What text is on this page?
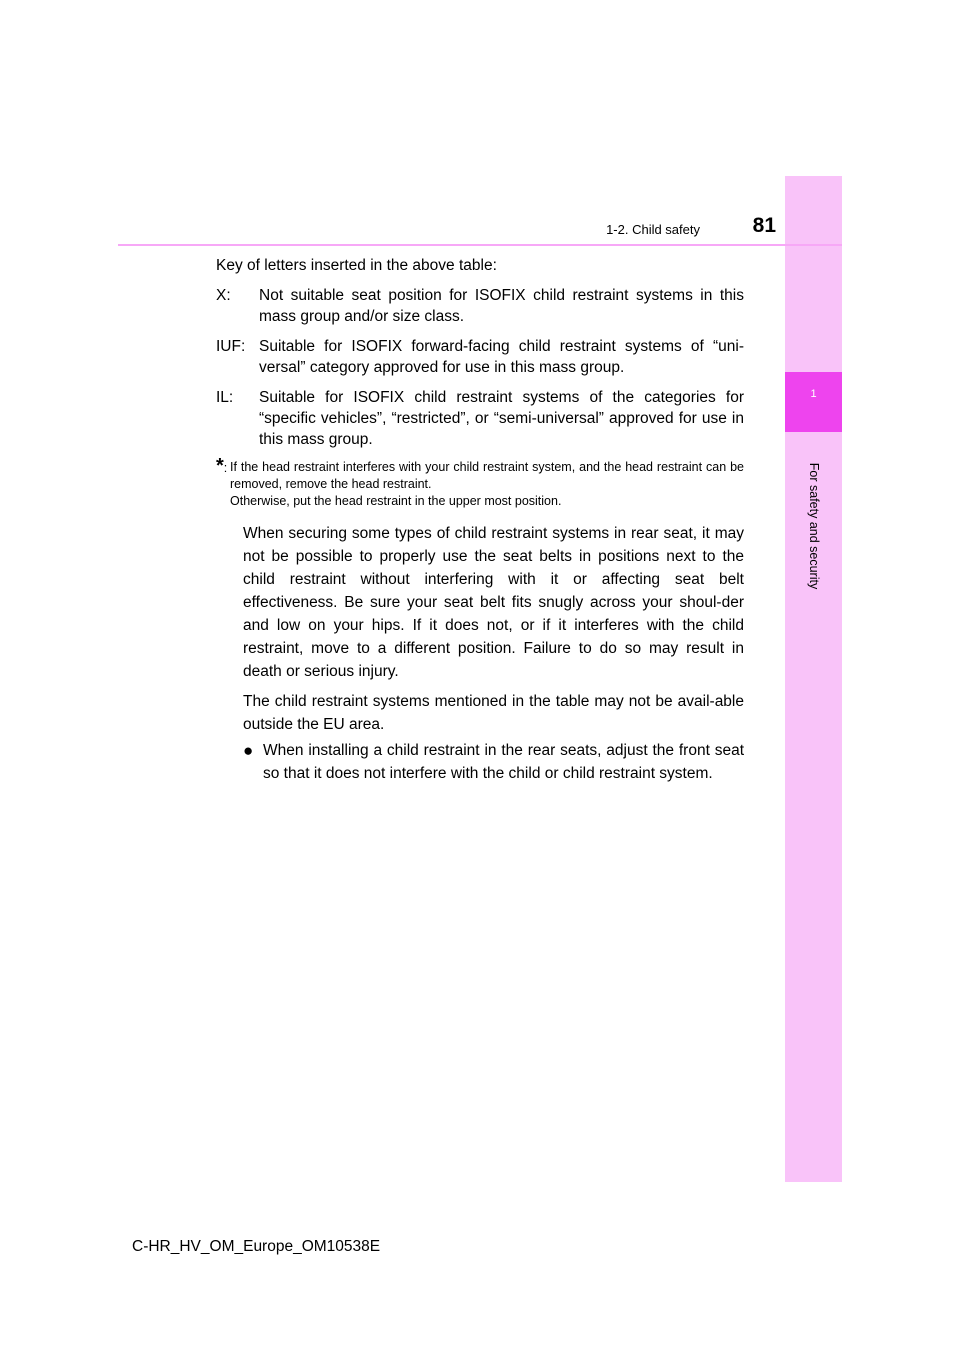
1
For safety and security
1-2. Child safety	81

Key of letters inserted in the above table:

X:	Not suitable seat position for ISOFIX child restraint systems in this mass group and/or size class.
IUF: Suitable for ISOFIX forward-facing child restraint systems of “uni-versal” category approved for use in this mass group.
IL:	Suitable for ISOFIX child restraint systems of the categories for “specific vehicles”, “restricted”, or “semi-universal” approved for use in this mass group.
*: If the head restraint interferes with your child restraint system, and the head restraint can be removed, remove the head restraint.
Otherwise, put the head restraint in the upper most position.

When securing some types of child restraint systems in rear seat, it may not be possible to properly use the seat belts in positions next to the child restraint without interfering with it or affecting seat belt effectiveness. Be sure your seat belt fits snugly across your shoul-der and low on your hips. If it does not, or if it interferes with the child restraint, move to a different position. Failure to do so may result in death or serious injury.

The child restraint systems mentioned in the table may not be avail-able outside the EU area.

● When installing a child restraint in the rear seats, adjust the front seat so that it does not interfere with the child or child restraint system.
C-HR_HV_OM_Europe_OM10538E
